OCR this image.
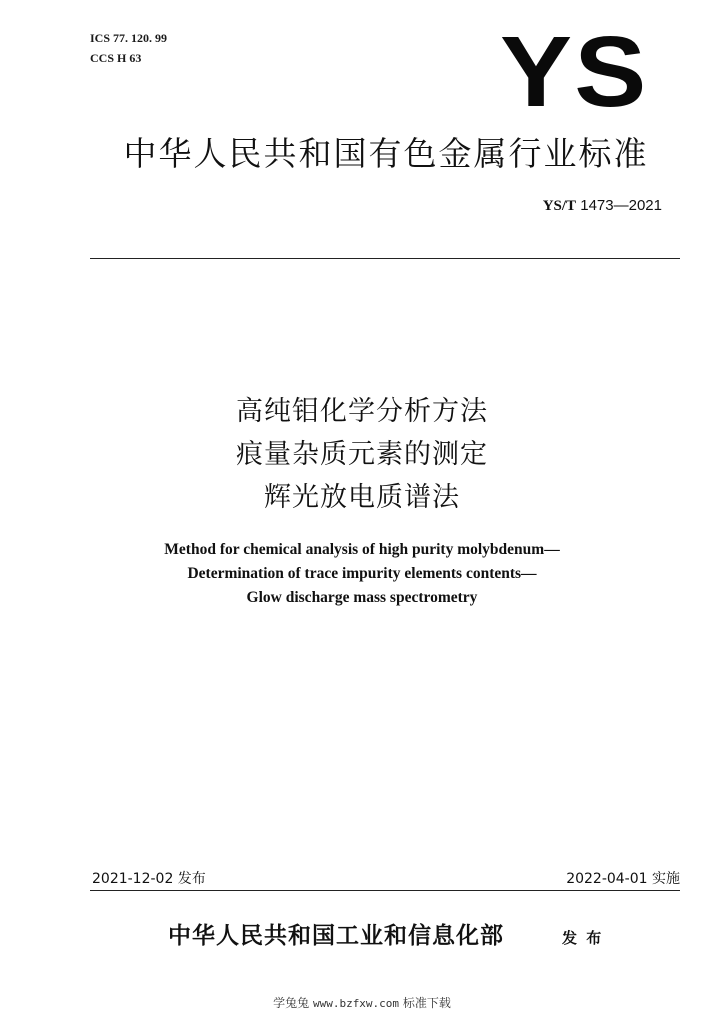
ICS 77. 120. 99
CCS H 63	YS
中华人民共和国有色金属行业标准
YS/T 1473—2021
高纯钼化学分析方法
痕量杂质元素的测定
辉光放电质谱法
Method for chemical analysis of high purity molybdenum—
Determination of trace impurity elements contents—
Glow discharge mass spectrometry
2021-12-02 发布	2022-04-01 实施
中华人民共和国工业和信息化部	发 布
学兔兔 www.bzfxw.com 标准下载
